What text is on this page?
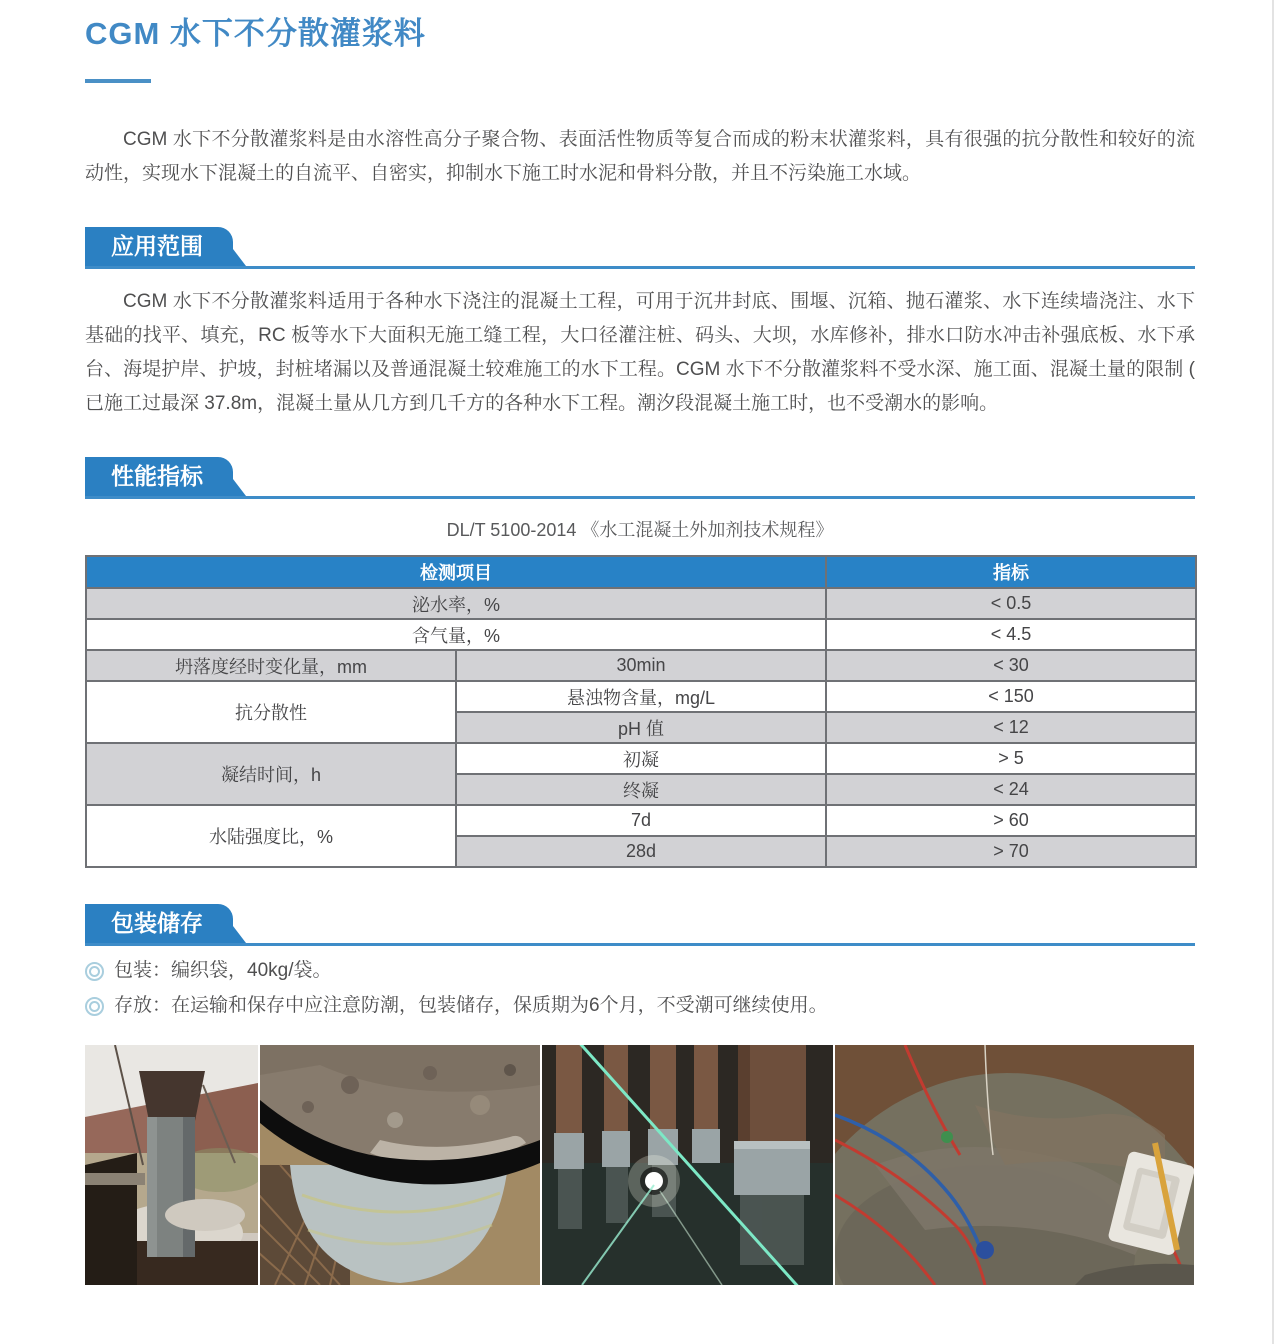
CGM 水下不分散灌浆料

CGM 水下不分散灌浆料是由水溶性高分子聚合物、表面活性物质等复合而成的粉末状灌浆料，具有很强的抗分散性和较好的流动性，实现水下混凝土的自流平、自密实，抑制水下施工时水泥和骨料分散，并且不污染施工水域。

应用范围

CGM 水下不分散灌浆料适用于各种水下浇注的混凝土工程，可用于沉井封底、围堰、沉箱、抛石灌浆、水下连续墙浇注、水下基础的找平、填充，RC 板等水下大面积无施工缝工程，大口径灌注桩、码头、大坝，水库修补，排水口防水冲击补强底板、水下承台、海堤护岸、护坡，封桩堵漏以及普通混凝土较难施工的水下工程。CGM 水下不分散灌浆料不受水深、施工面、混凝土量的限制 ( 已施工过最深 37.8m，混凝土量从几方到几千方的各种水下工程。潮汐段混凝土施工时，也不受潮水的影响。

性能指标
DL/T 5100-2014 《水工混凝土外加剂技术规程》
检测项目		指标
泌水率，%		< 0.5
含气量，%		< 4.5
坍落度经时变化量，mm	30min	< 30
抗分散性	悬浊物含量，mg/L	< 150
	pH 值	< 12
凝结时间，h	初凝	> 5
	终凝	< 24
水陆强度比，%	7d	> 60
	28d	> 70
包装储存
包装：编织袋，40kg/袋。
存放：在运输和保存中应注意防潮，包装储存，保质期为6个月，不受潮可继续使用。
